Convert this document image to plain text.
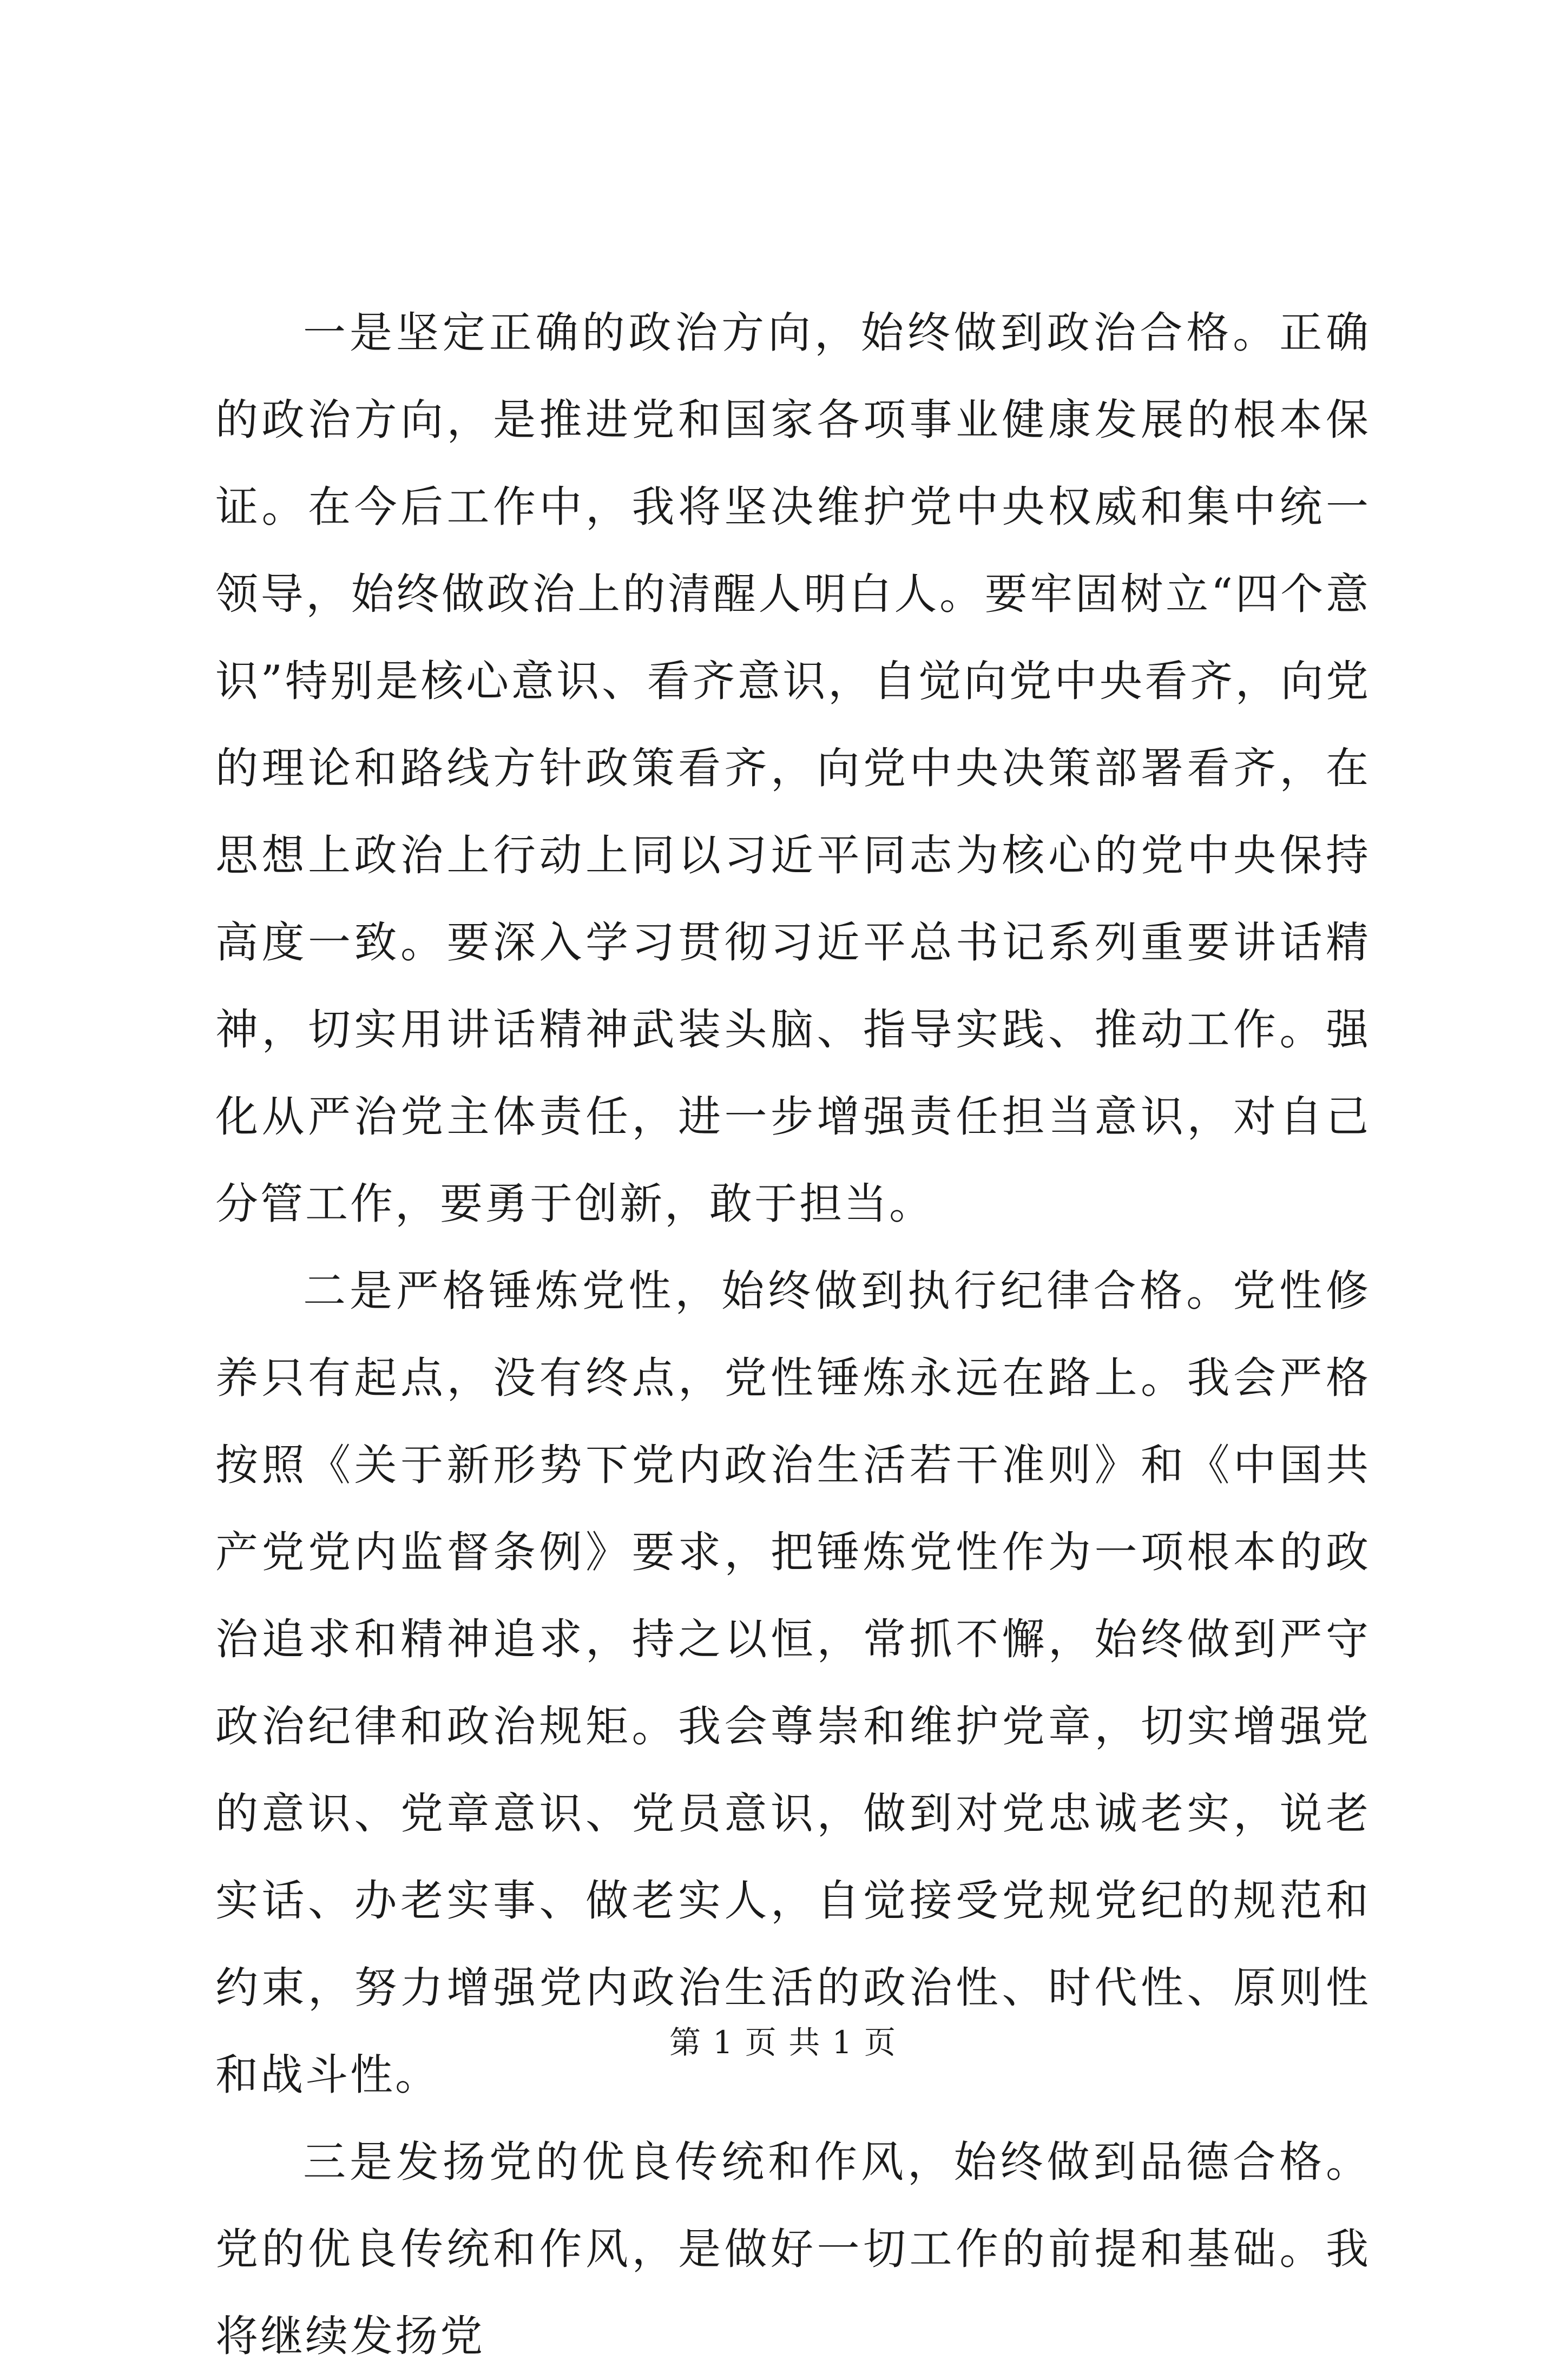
一是坚定正确的政治方向，始终做到政治合格。正确的政治方向，是推进党和国家各项事业健康发展的根本保证。在今后工作中，我将坚决维护党中央权威和集中统一领导，始终做政治上的清醒人明白人。要牢固树立“四个意识”特别是核心意识、看齐意识，自觉向党中央看齐，向党的理论和路线方针政策看齐，向党中央决策部署看齐，在思想上政治上行动上同以习近平同志为核心的党中央保持高度一致。要深入学习贯彻习近平总书记系列重要讲话精神，切实用讲话精神武装头脑、指导实践、推动工作。强化从严治党主体责任，进一步增强责任担当意识，对自己分管工作，要勇于创新，敢于担当。

二是严格锤炼党性，始终做到执行纪律合格。党性修养只有起点，没有终点，党性锤炼永远在路上。我会严格按照《关于新形势下党内政治生活若干准则》和《中国共产党党内监督条例》要求，把锤炼党性作为一项根本的政治追求和精神追求，持之以恒，常抓不懈，始终做到严守政治纪律和政治规矩。我会尊崇和维护党章，切实增强党的意识、党章意识、党员意识，做到对党忠诚老实，说老实话、办老实事、做老实人，自觉接受党规党纪的规范和约束，努力增强党内政治生活的政治性、时代性、原则性和战斗性。

三是发扬党的优良传统和作风，始终做到品德合格。党的优良传统和作风，是做好一切工作的前提和基础。我将继续发扬党

第 1 页 共 1 页
